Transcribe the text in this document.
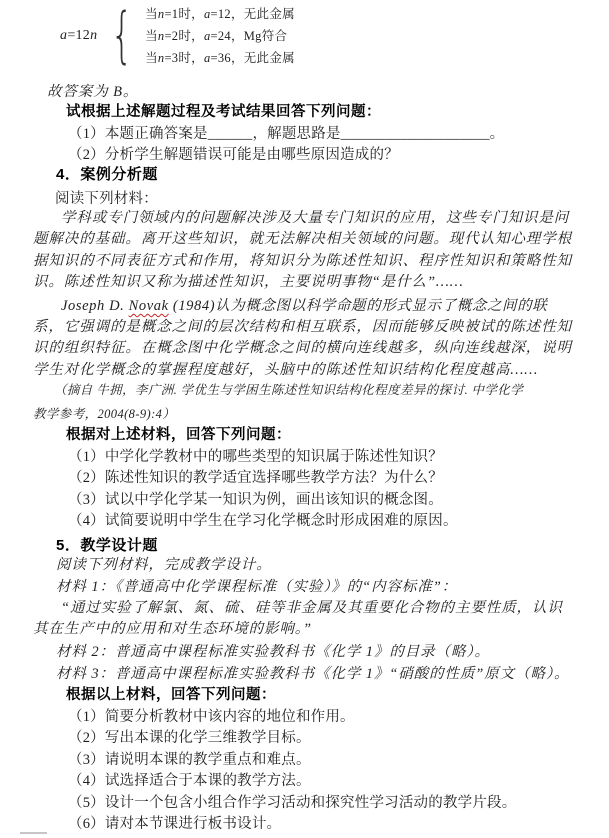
a=12n { 当n=1时，a=12，无此金属
当n=2时，a=24，Mg符合
当n=3时，a=36，无此金属
故答案为 B。
试根据上述解题过程及考试结果回答下列问题：
（1）本题正确答案是______，解题思路是____________________。
（2）分析学生解题错误可能是由哪些原因造成的？
4．案例分析题
阅读下列材料：
学科或专门领域内的问题解决涉及大量专门知识的应用，这些专门知识是问
题解决的基础。离开这些知识，就无法解决相关领域的问题。现代认知心理学根
据知识的不同表征方式和作用，将知识分为陈述性知识、程序性知识和策略性知
识。陈述性知识又称为描述性知识，主要说明事物“是什么”……
Joseph D. Novak (1984)认为概念图以科学命题的形式显示了概念之间的联
系，它强调的是概念之间的层次结构和相互联系，因而能够反映被试的陈述性知
识的组织特征。在概念图中化学概念之间的横向连线越多，纵向连线越深，说明
学生对化学概念的掌握程度越好，头脑中的陈述性知识结构化程度越高……
（摘自 牛拥，李广洲. 学优生与学困生陈述性知识结构化程度差异的探讨. 中学化学
教学参考，2004(8-9):4）
根据对上述材料，回答下列问题：
（1）中学化学教材中的哪些类型的知识属于陈述性知识？
（2）陈述性知识的教学适宜选择哪些教学方法？为什么？
（3）试以中学化学某一知识为例，画出该知识的概念图。
（4）试简要说明中学生在学习化学概念时形成困难的原因。
5．教学设计题
阅读下列材料，完成教学设计。
材料 1：《普通高中化学课程标准（实验）》的“内容标准”：
“通过实验了解氯、氮、硫、硅等非金属及其重要化合物的主要性质，认识
其在生产中的应用和对生态环境的影响。”
材料 2：普通高中课程标准实验教科书《化学 1》的目录（略）。
材料 3：普通高中课程标准实验教科书《化学 1》“硝酸的性质”原文（略）。
根据以上材料，回答下列问题：
（1）简要分析教材中该内容的地位和作用。
（2）写出本课的化学三维教学目标。
（3）请说明本课的教学重点和难点。
（4）试选择适合于本课的教学方法。
（5）设计一个包含小组合作学习活动和探究性学习活动的教学片段。
（6）请对本节课进行板书设计。
